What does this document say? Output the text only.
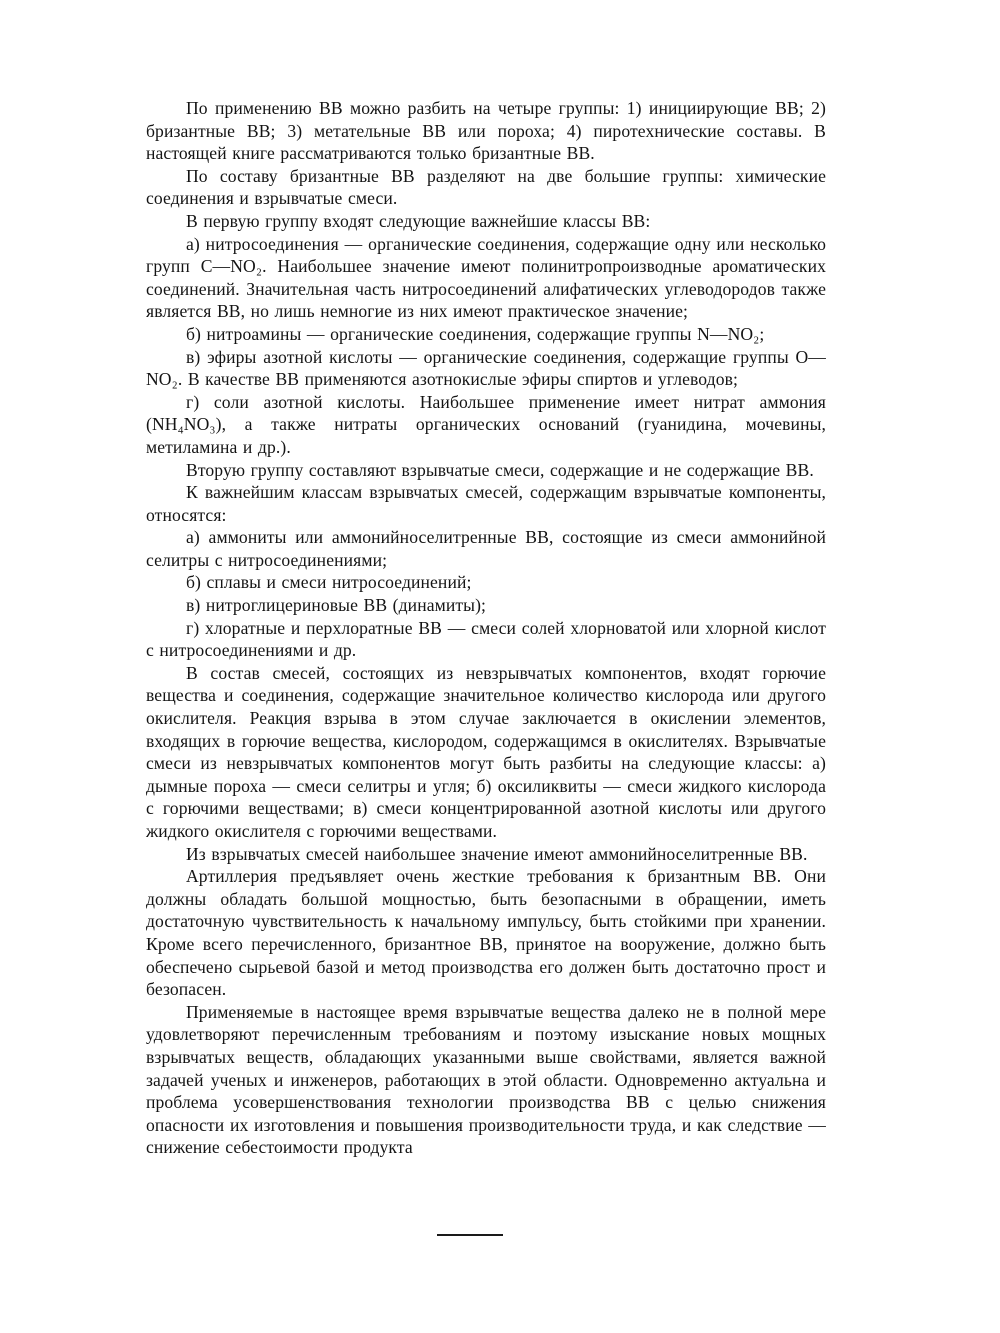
По применению ВВ можно разбить на четыре группы: 1) инициирующие ВВ; 2) бризантные ВВ; 3) метательные ВВ или пороха; 4) пиротехнические составы. В настоящей книге рассматриваются только бризантные ВВ.

По составу бризантные ВВ разделяют на две большие группы: химические соединения и взрывчатые смеси.

В первую группу входят следующие важнейшие классы ВВ:

а) нитросоединения — органические соединения, содержащие одну или несколько групп C—NO₂. Наибольшее значение имеют полинитропроизводные ароматических соединений. Значительная часть нитросоединений алифатических углеводородов также является ВВ, но лишь немногие из них имеют практическое значение;

б) нитроамины — органические соединения, содержащие группы N—NO₂;

в) эфиры азотной кислоты — органические соединения, содержащие группы O—NO₂. В качестве ВВ применяются азотнокислые эфиры спиртов и углеводов;

г) соли азотной кислоты. Наибольшее применение имеет нитрат аммония (NH₄NO₃), а также нитраты органических оснований (гуанидина, мочевины, метиламина и др.).

Вторую группу составляют взрывчатые смеси, содержащие и не содержащие ВВ.

К важнейшим классам взрывчатых смесей, содержащим взрывчатые компоненты, относятся:

а) аммониты или аммонийноселитренные ВВ, состоящие из смеси аммонийной селитры с нитросоединениями;

б) сплавы и смеси нитросоединений;

в) нитроглицериновые ВВ (динамиты);

г) хлоратные и перхлоратные ВВ — смеси солей хлорноватой или хлорной кислот с нитросоединениями и др.

В состав смесей, состоящих из невзрывчатых компонентов, входят горючие вещества и соединения, содержащие значительное количество кислорода или другого окислителя. Реакция взрыва в этом случае заключается в окислении элементов, входящих в горючие вещества, кислородом, содержащимся в окислителях. Взрывчатые смеси из невзрывчатых компонентов могут быть разбиты на следующие классы: а) дымные пороха — смеси селитры и угля; б) оксиликвиты — смеси жидкого кислорода с горючими веществами; в) смеси концентрированной азотной кислоты или другого жидкого окислителя с горючими веществами.

Из взрывчатых смесей наибольшее значение имеют аммонийноселитренные ВВ.

Артиллерия предъявляет очень жесткие требования к бризантным ВВ. Они должны обладать большой мощностью, быть безопасными в обращении, иметь достаточную чувствительность к начальному импульсу, быть стойкими при хранении. Кроме всего перечисленного, бризантное ВВ, принятое на вооружение, должно быть обеспечено сырьевой базой и метод производства его должен быть достаточно прост и безопасен.

Применяемые в настоящее время взрывчатые вещества далеко не в полной мере удовлетворяют перечисленным требованиям и поэтому изыскание новых мощных взрывчатых веществ, обладающих указанными выше свойствами, является важной задачей ученых и инженеров, работающих в этой области. Одновременно актуальна и проблема усовершенствования технологии производства ВВ с целью снижения опасности их изготовления и повышения производительности труда, и как следствие — снижение себестоимости продукта
